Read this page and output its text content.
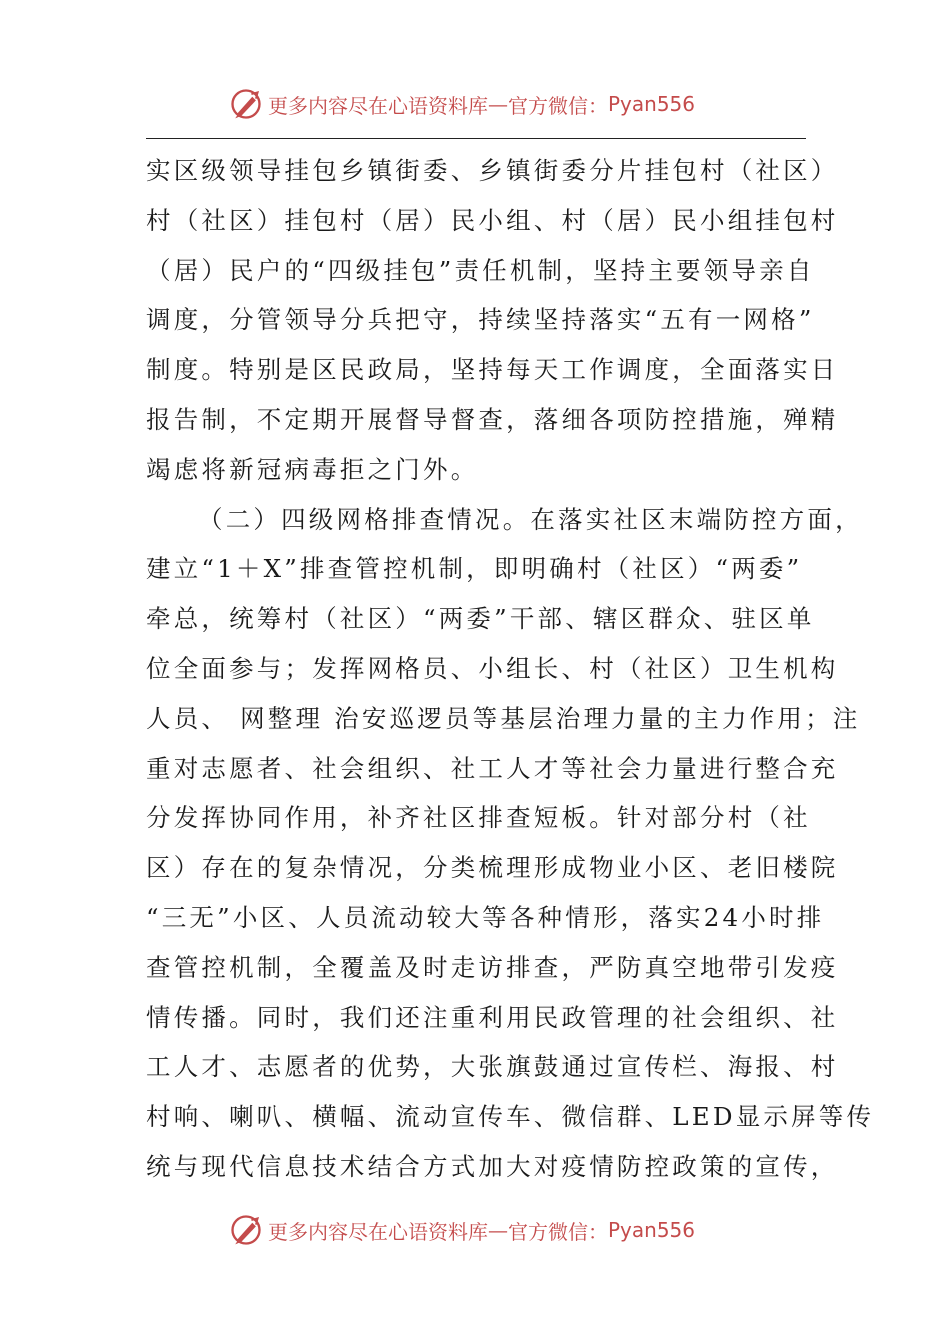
更多内容尽在心语资料库 — 官方微信： Pyan556
实区级领导挂包乡镇街委、乡镇街委分片挂包村（社区）
村（社区）挂包村（居）民小组、村（居）民小组挂包村
（居）民户的“四级挂包”责任机制，坚持主要领导亲自
调度，分管领导分兵把守，持续坚持落实“五有一网格”
制度。特别是区民政局，坚持每天工作调度，全面落实日
报告制，不定期开展督导督查，落细各项防控措施，殚精
竭虑将新冠病毒拒之门外。
（二）四级网格排查情况。在落实社区末端防控方面，
建立“1＋X”排查管控机制，即明确村（社区）“两委”
牵总，统筹村（社区）“两委”干部、辖区群众、驻区单
位全面参与；发挥网格员、小组长、村（社区）卫生机构
人员、 网整理 治安巡逻员等基层治理力量的主力作用；注
重对志愿者、社会组织、社工人才等社会力量进行整合充
分发挥协同作用，补齐社区排查短板。针对部分村（社
区）存在的复杂情况，分类梳理形成物业小区、老旧楼院
“三无”小区、人员流动较大等各种情形，落实24小时排
查管控机制，全覆盖及时走访排查，严防真空地带引发疫
情传播。同时，我们还注重利用民政管理的社会组织、社
工人才、志愿者的优势，大张旗鼓通过宣传栏、海报、村
村响、喇叭、横幅、流动宣传车、微信群、LED显示屏等传
统与现代信息技术结合方式加大对疫情防控政策的宣传，
更多内容尽在心语资料库 — 官方微信： Pyan556
